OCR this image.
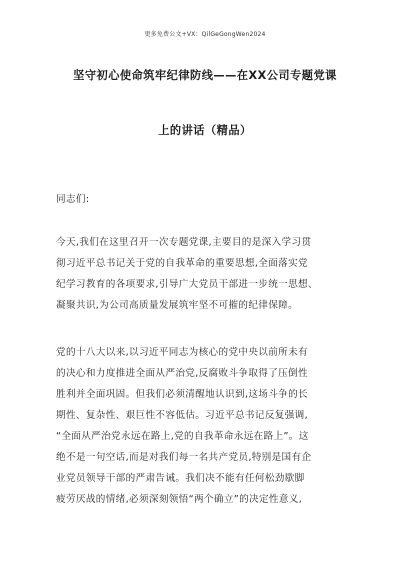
更多免费公文+VX：QilGeGongWen2024
坚守初心使命筑牢纪律防线——在XX公司专题党课
上的讲话（精品）
同志们:
今天,我们在这里召开一次专题党课,主要目的是深入学习贯
彻习近平总书记关于党的自我革命的重要思想,全面落实党
纪学习教育的各项要求,引导广大党员干部进一步统一思想、
凝聚共识,为公司高质量发展筑牢坚不可摧的纪律保障。
党的十八大以来,以习近平同志为核心的党中央以前所未有
的决心和力度推进全面从严治党,反腐败斗争取得了压倒性
胜利并全面巩固。但我们必须清醒地认识到,这场斗争的长
期性、复杂性、艰巨性不容低估。习近平总书记反复强调,
“全面从严治党永远在路上,党的自我革命永远在路上”。这
绝不是一句空话,而是对我们每一名共产党员,特别是国有企
业党员领导干部的严肃告诫。我们决不能有任何松劲歇脚
疲劳厌战的情绪,必须深刻领悟“两个确立”的决定性意义,
